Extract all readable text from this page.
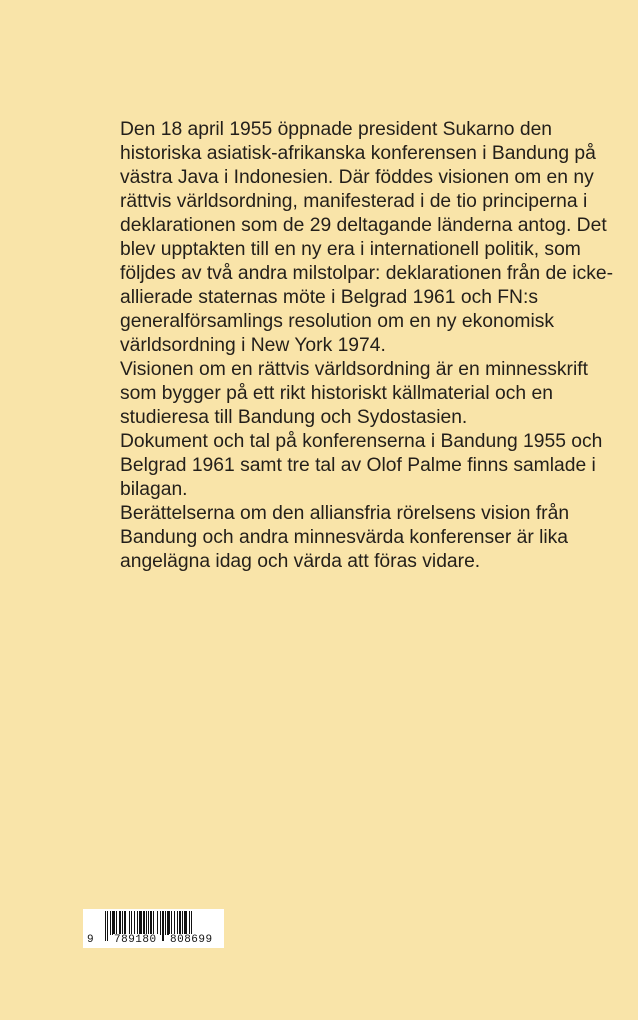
Den 18 april 1955 öppnade president Sukarno den
historiska asiatisk-afrikanska konferensen i Bandung på
västra Java i Indonesien. Där föddes visionen om en ny
rättvis världsordning, manifesterad i de tio principerna i
deklarationen som de 29 deltagande länderna antog. Det
blev upptakten till en ny era i internationell politik, som
följdes av två andra milstolpar: deklarationen från de icke-
allierade staternas möte i Belgrad 1961 och FN:s
generalförsamlings resolution om en ny ekonomisk
världsordning i New York 1974.
Visionen om en rättvis världsordning är en minnesskrift
som bygger på ett rikt historiskt källmaterial och en
studieresa till Bandung och Sydostasien.
Dokument och tal på konferenserna i Bandung 1955 och
Belgrad 1961 samt tre tal av Olof Palme finns samlade i
bilagan.
Berättelserna om den alliansfria rörelsens vision från
Bandung och andra minnesvärda konferenser är lika
angelägna idag och värda att föras vidare.
9 789180 808699
